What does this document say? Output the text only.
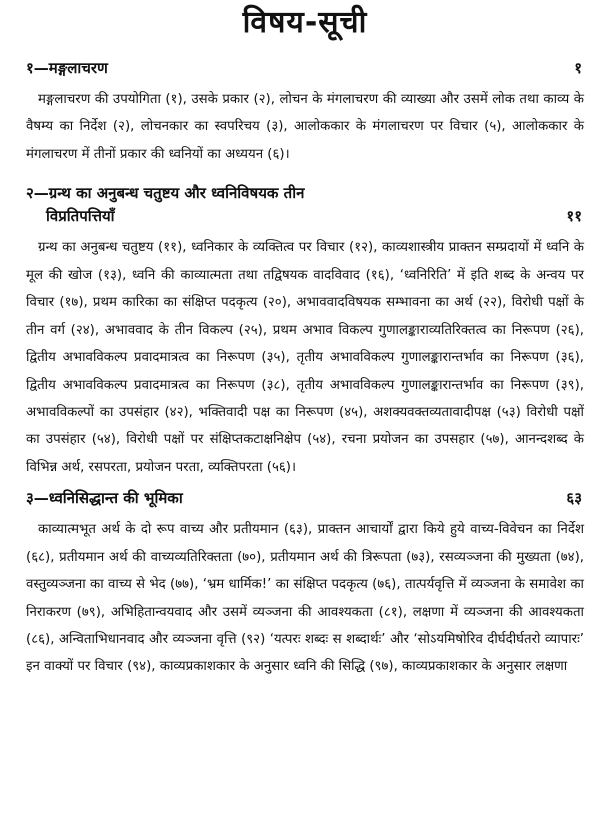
विषय-सूची
१—मङ्गलाचरण	१

मङ्गलाचरण की उपयोगिता (१), उसके प्रकार (२), लोचन के मंगलाचरण की व्याख्या और उसमें लोक तथा काव्य के वैषम्य का निर्देश (२), लोचनकार का स्वपरिचय (३), आलोककार के मंगलाचरण पर विचार (५), आलोककार के मंगलाचरण में तीनों प्रकार की ध्वनियों का अध्ययन (६)।

२—ग्रन्थ का अनुबन्ध चतुष्टय और ध्वनिविषयक तीन
विप्रतिपत्तियाँ	११

ग्रन्थ का अनुबन्ध चतुष्टय (११), ध्वनिकार के व्यक्तित्व पर विचार (१२), काव्यशास्त्रीय प्राक्तन सम्प्रदायों में ध्वनि के मूल की खोज (१३), ध्वनि की काव्यात्मता तथा तद्विषयक वादविवाद (१६), ‘ध्वनिरिति’ में इति शब्द के अन्वय पर विचार (१७), प्रथम कारिका का संक्षिप्त पदकृत्य (२०), अभाववादविषयक सम्भावना का अर्थ (२२), विरोधी पक्षों के तीन वर्ग (२४), अभाववाद के तीन विकल्प (२५), प्रथम अभाव विकल्प गुणालङ्काराव्यतिरिक्तत्व का निरूपण (२६), द्वितीय अभावविकल्प प्रवादमात्रत्व का निरूपण (३५), तृतीय अभावविकल्प गुणालङ्कारान्तर्भाव का निरूपण (३६), द्वितीय अभावविकल्प प्रवादमात्रत्व का निरूपण (३८), तृतीय अभावविकल्प गुणालङ्कारान्तर्भाव का निरूपण (३९), अभावविकल्पों का उपसंहार (४२), भक्तिवादी पक्ष का निरूपण (४५), अशक्यवक्तव्यतावादीपक्ष (५३) विरोधी पक्षों का उपसंहार (५४), विरोधी पक्षों पर संक्षिप्तकटाक्षनिक्षेप (५४), रचना प्रयोजन का उपसहार (५७), आनन्दशब्द के विभिन्न अर्थ, रसपरता, प्रयोजन परता, व्यक्तिपरता (५६)।

३—ध्वनिसिद्धान्त की भूमिका	६३

काव्यात्मभूत अर्थ के दो रूप वाच्य और प्रतीयमान (६३), प्राक्तन आचार्यों द्वारा किये हुये वाच्य-विवेचन का निर्देश (६८), प्रतीयमान अर्थ की वाच्यव्यतिरिक्तता (७०), प्रतीयमान अर्थ की त्रिरूपता (७३), रसव्यञ्जना की मुख्यता (७४), वस्तुव्यञ्जना का वाच्य से भेद (७७), ‘भ्रम धार्मिक!’ का संक्षिप्त पदकृत्य (७६), तात्पर्यवृत्ति में व्यञ्जना के समावेश का निराकरण (७९), अभिहितान्वयवाद और उसमें व्यञ्जना की आवश्यकता (८१), लक्षणा में व्यञ्जना की आवश्यकता (८६), अन्विताभिधानवाद और व्यञ्जना वृत्ति (९२) ‘यत्परः शब्दः स शब्दार्थः’ और ‘सोऽयमिषोरिव दीर्घदीर्घतरो व्यापारः’ इन वाक्यों पर विचार (९४), काव्यप्रकाशकार के अनुसार ध्वनि की सिद्धि (९७), काव्यप्रकाशकार के अनुसार लक्षणा
